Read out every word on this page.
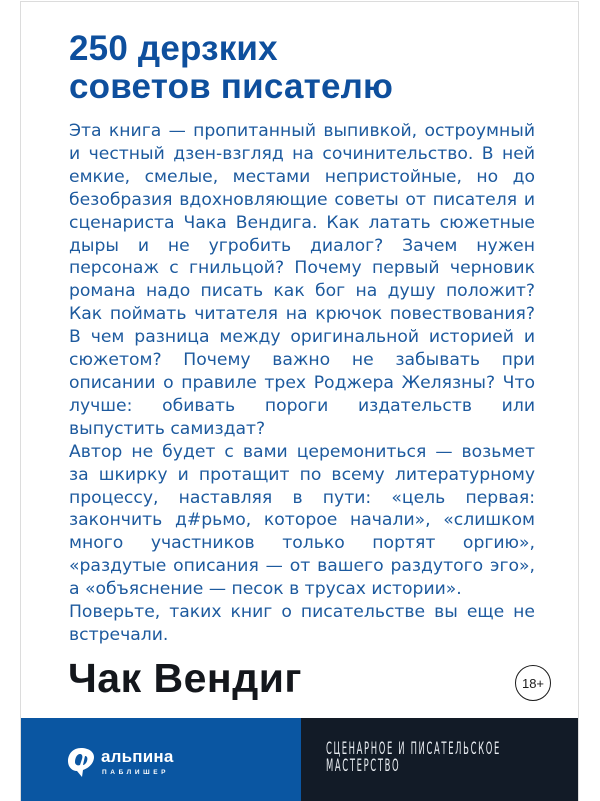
250 дерзких
советов писателю

Эта книга — пропитанный выпивкой, остроумный и честный дзен-взгляд на сочинительство. В ней емкие, смелые, местами непристойные, но до безобразия вдохновляющие советы от писателя и сценариста Чака Вендига. Как латать сюжетные дыры и не угробить диалог? Зачем нужен персонаж с гнильцой? Почему первый черновик романа надо писать как бог на душу положит? Как поймать читателя на крючок повествования? В чем разница между оригинальной историей и сюжетом? Почему важно не забывать при описании о правиле трех Роджера Желязны? Что лучше: обивать пороги издательств или выпустить самиздат?

Автор не будет с вами церемониться — возьмет за шкирку и протащит по всему литературному процессу, наставляя в пути: «цель первая: закончить д#рьмо, которое начали», «слишком много участников только портят оргию», «раздутые описания — от вашего раздутого эго», а «объяснение — песок в трусах истории».

Поверьте, таких книг о писательстве вы еще не встречали.

Чак Вендиг	18+
альпина
ПАБЛИШЕР

СЦЕНАРНОЕ И ПИСАТЕЛЬСКОЕ
МАСТЕРСТВО
